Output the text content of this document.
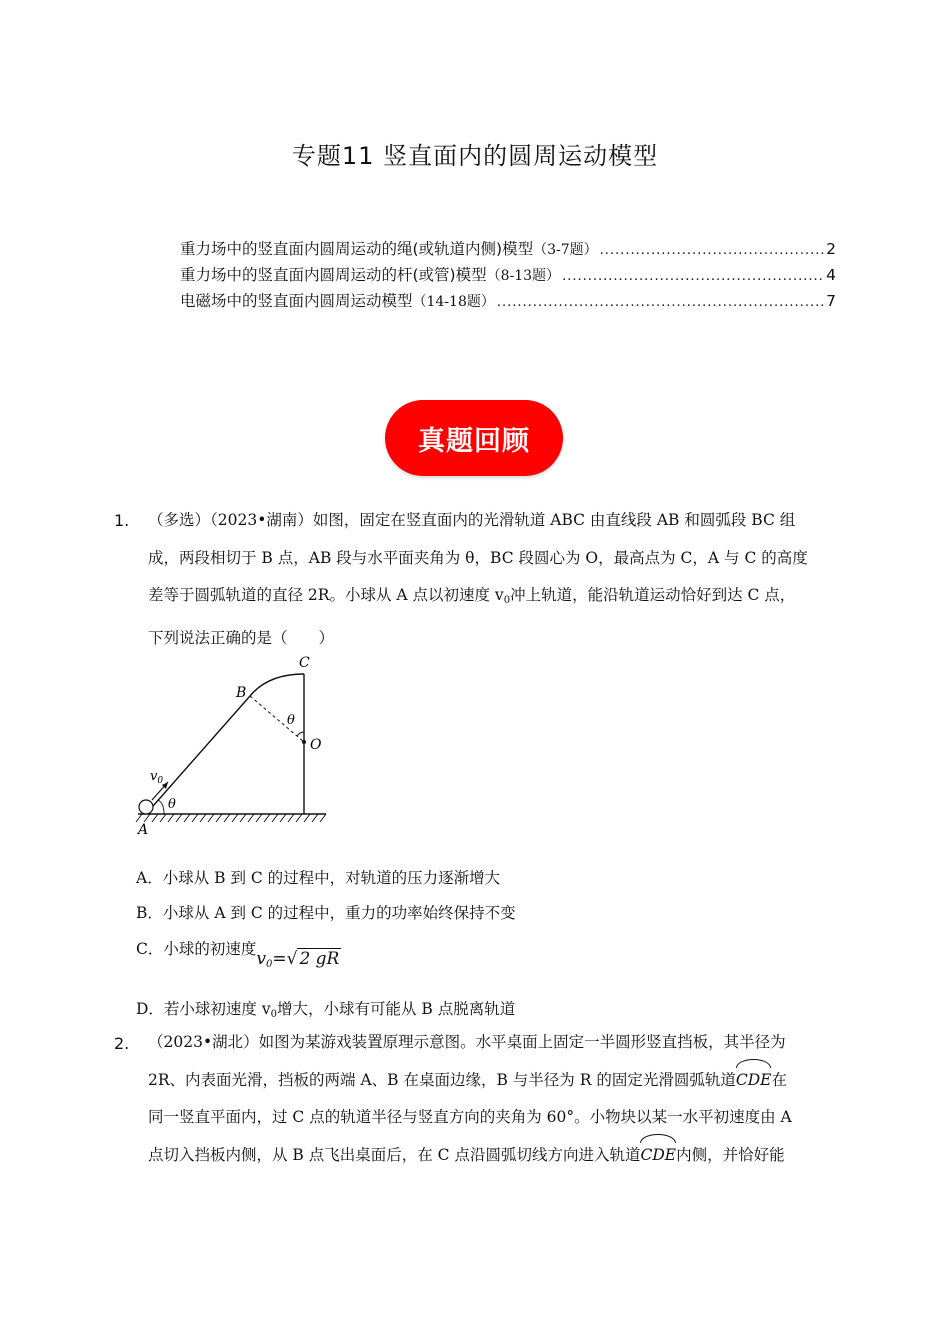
专题11 竖直面内的圆周运动模型
重力场中的竖直面内圆周运动的绳(或轨道内侧)模型 （3-7题） .....	2
重力场中的竖直面内圆周运动的杆(或管)模型 （8-13题） .....	4
电磁场中的竖直面内圆周运动模型 （14-18题） .....	7
真题回顾
1. （多选）（2023•湖南）如图，固定在竖直面内的光滑轨道 ABC 由直线段 AB 和圆弧段 BC 组
成，两段相切于 B 点，AB 段与水平面夹角为 θ，BC 段圆心为 O，最高点为 C，A 与 C 的高度
差等于圆弧轨道的直径 2R。小球从 A 点以初速度 $v_0$冲上轨道，能沿轨道运动恰好到达 C 点，
下列说法正确的是（　　）
A
B
C
O
θ
θ
$v_0$
A．小球从 B 到 C 的过程中，对轨道的压力逐渐增大
B．小球从 A 到 C 的过程中，重力的功率始终保持不变
C．小球的初速度$v_0=√$ 2 gR
D．若小球初速度 $v_0$增大，小球有可能从 B 点脱离轨道
2. （2023•湖北）如图为某游戏装置原理示意图。水平桌面上固定一半圆形竖直挡板，其半径为
2R、内表面光滑，挡板的两端 A、B 在桌面边缘，B 与半径为 R 的固定光滑圆弧轨道CDE在
同一竖直平面内，过 C 点的轨道半径与竖直方向的夹角为 60°。小物块以某一水平初速度由 A
点切入挡板内侧，从 B 点飞出桌面后，在 C 点沿圆弧切线方向进入轨道CDE内侧，并恰好能
